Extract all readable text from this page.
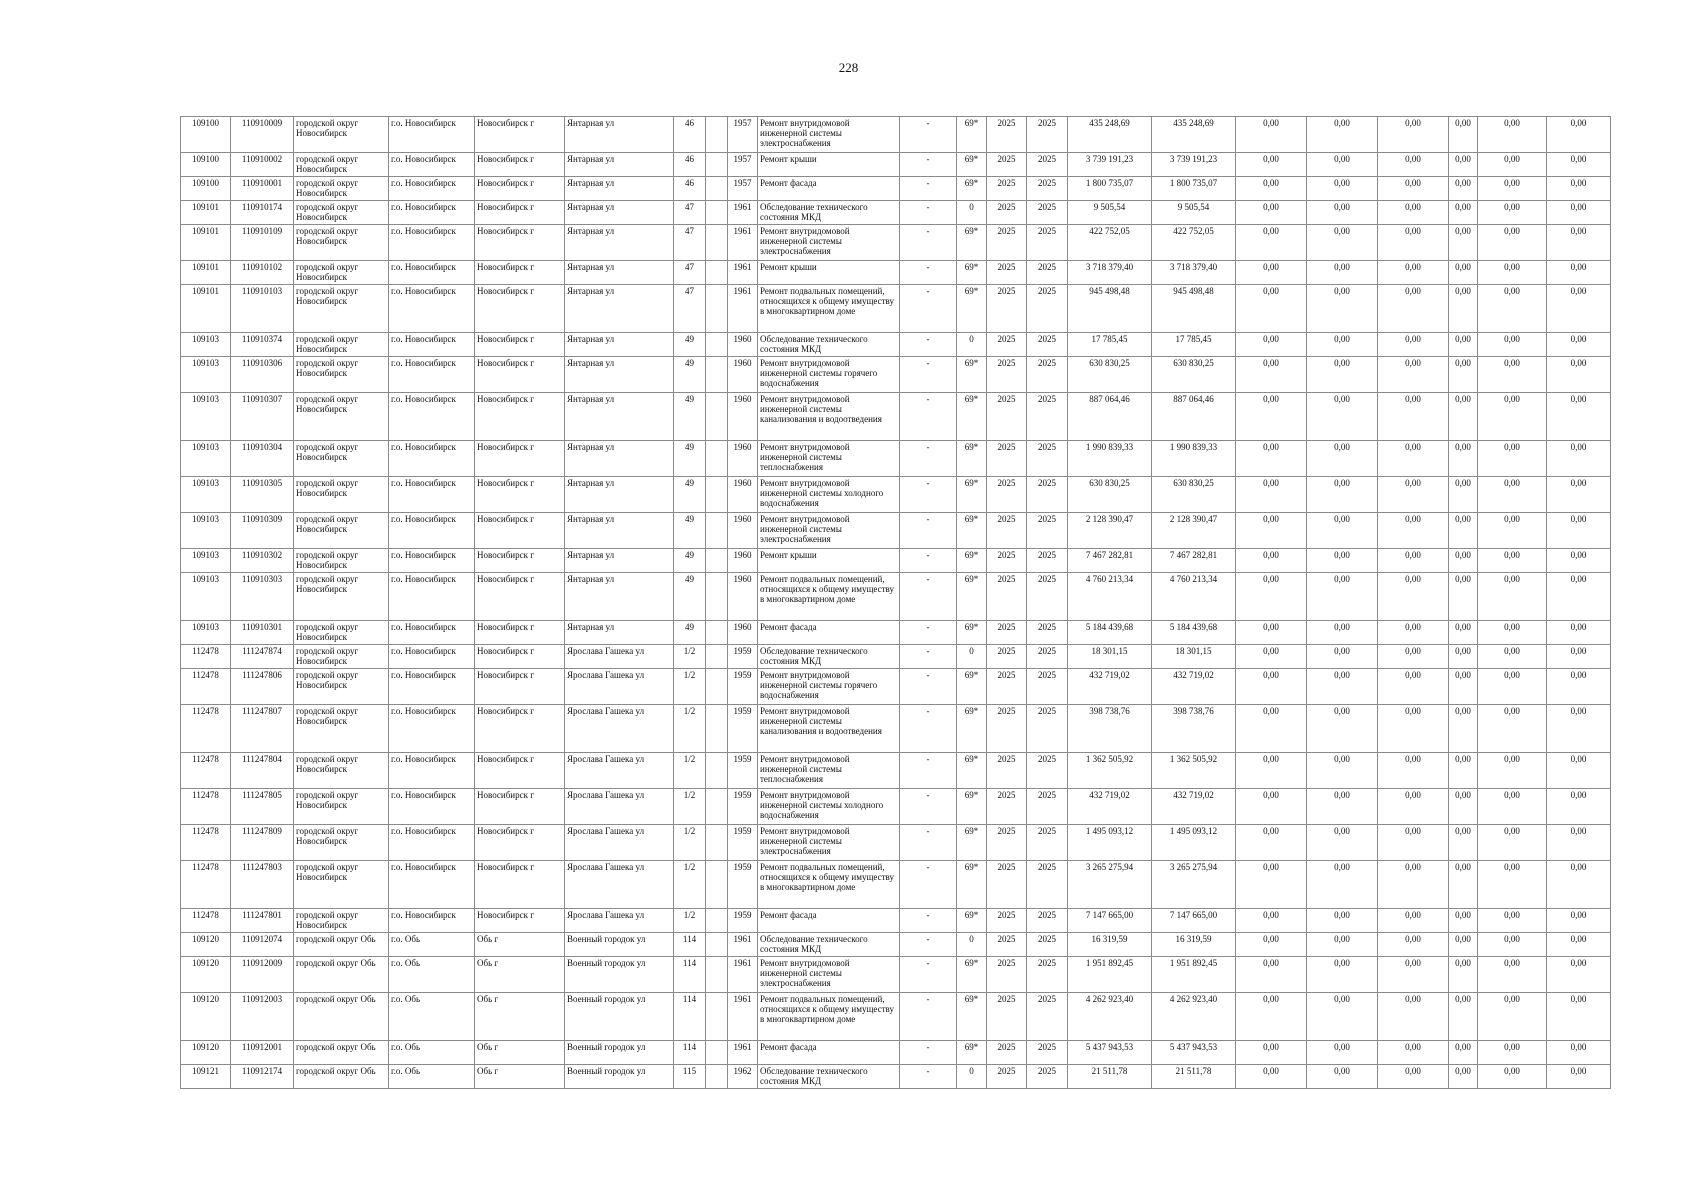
228
109100	110910009	городской округ Новосибирск	г.о. Новосибирск	Новосибирск г	Янтарная ул	46		1957	Ремонт внутридомовой инженерной системы электроснабжения	-	69*	2025	2025	435 248,69	435 248,69	0,00	0,00	0,00	0,00	0,00	0,00
109100	110910002	городской округ Новосибирск	г.о. Новосибирск	Новосибирск г	Янтарная ул	46		1957	Ремонт крыши	-	69*	2025	2025	3 739 191,23	3 739 191,23	0,00	0,00	0,00	0,00	0,00	0,00
109100	110910001	городской округ Новосибирск	г.о. Новосибирск	Новосибирск г	Янтарная ул	46		1957	Ремонт фасада	-	69*	2025	2025	1 800 735,07	1 800 735,07	0,00	0,00	0,00	0,00	0,00	0,00
109101	110910174	городской округ Новосибирск	г.о. Новосибирск	Новосибирск г	Янтарная ул	47		1961	Обследование технического состояния МКД	-	0	2025	2025	9 505,54	9 505,54	0,00	0,00	0,00	0,00	0,00	0,00
109101	110910109	городской округ Новосибирск	г.о. Новосибирск	Новосибирск г	Янтарная ул	47		1961	Ремонт внутридомовой инженерной системы электроснабжения	-	69*	2025	2025	422 752,05	422 752,05	0,00	0,00	0,00	0,00	0,00	0,00
109101	110910102	городской округ Новосибирск	г.о. Новосибирск	Новосибирск г	Янтарная ул	47		1961	Ремонт крыши	-	69*	2025	2025	3 718 379,40	3 718 379,40	0,00	0,00	0,00	0,00	0,00	0,00
109101	110910103	городской округ Новосибирск	г.о. Новосибирск	Новосибирск г	Янтарная ул	47		1961	Ремонт подвальных помещений, относящихся к общему имуществу в многоквартирном доме	-	69*	2025	2025	945 498,48	945 498,48	0,00	0,00	0,00	0,00	0,00	0,00
109103	110910374	городской округ Новосибирск	г.о. Новосибирск	Новосибирск г	Янтарная ул	49		1960	Обследование технического состояния МКД	-	0	2025	2025	17 785,45	17 785,45	0,00	0,00	0,00	0,00	0,00	0,00
109103	110910306	городской округ Новосибирск	г.о. Новосибирск	Новосибирск г	Янтарная ул	49		1960	Ремонт внутридомовой инженерной системы горячего водоснабжения	-	69*	2025	2025	630 830,25	630 830,25	0,00	0,00	0,00	0,00	0,00	0,00
109103	110910307	городской округ Новосибирск	г.о. Новосибирск	Новосибирск г	Янтарная ул	49		1960	Ремонт внутридомовой инженерной системы канализования и водоотведения	-	69*	2025	2025	887 064,46	887 064,46	0,00	0,00	0,00	0,00	0,00	0,00
109103	110910304	городской округ Новосибирск	г.о. Новосибирск	Новосибирск г	Янтарная ул	49		1960	Ремонт внутридомовой инженерной системы теплоснабжения	-	69*	2025	2025	1 990 839,33	1 990 839,33	0,00	0,00	0,00	0,00	0,00	0,00
109103	110910305	городской округ Новосибирск	г.о. Новосибирск	Новосибирск г	Янтарная ул	49		1960	Ремонт внутридомовой инженерной системы холодного водоснабжения	-	69*	2025	2025	630 830,25	630 830,25	0,00	0,00	0,00	0,00	0,00	0,00
109103	110910309	городской округ Новосибирск	г.о. Новосибирск	Новосибирск г	Янтарная ул	49		1960	Ремонт внутридомовой инженерной системы электроснабжения	-	69*	2025	2025	2 128 390,47	2 128 390,47	0,00	0,00	0,00	0,00	0,00	0,00
109103	110910302	городской округ Новосибирск	г.о. Новосибирск	Новосибирск г	Янтарная ул	49		1960	Ремонт крыши	-	69*	2025	2025	7 467 282,81	7 467 282,81	0,00	0,00	0,00	0,00	0,00	0,00
109103	110910303	городской округ Новосибирск	г.о. Новосибирск	Новосибирск г	Янтарная ул	49		1960	Ремонт подвальных помещений, относящихся к общему имуществу в многоквартирном доме	-	69*	2025	2025	4 760 213,34	4 760 213,34	0,00	0,00	0,00	0,00	0,00	0,00
109103	110910301	городской округ Новосибирск	г.о. Новосибирск	Новосибирск г	Янтарная ул	49		1960	Ремонт фасада	-	69*	2025	2025	5 184 439,68	5 184 439,68	0,00	0,00	0,00	0,00	0,00	0,00
112478	111247874	городской округ Новосибирск	г.о. Новосибирск	Новосибирск г	Ярослава Гашека ул	1/2		1959	Обследование технического состояния МКД	-	0	2025	2025	18 301,15	18 301,15	0,00	0,00	0,00	0,00	0,00	0,00
112478	111247806	городской округ Новосибирск	г.о. Новосибирск	Новосибирск г	Ярослава Гашека ул	1/2		1959	Ремонт внутридомовой инженерной системы горячего водоснабжения	-	69*	2025	2025	432 719,02	432 719,02	0,00	0,00	0,00	0,00	0,00	0,00
112478	111247807	городской округ Новосибирск	г.о. Новосибирск	Новосибирск г	Ярослава Гашека ул	1/2		1959	Ремонт внутридомовой инженерной системы канализования и водоотведения	-	69*	2025	2025	398 738,76	398 738,76	0,00	0,00	0,00	0,00	0,00	0,00
112478	111247804	городской округ Новосибирск	г.о. Новосибирск	Новосибирск г	Ярослава Гашека ул	1/2		1959	Ремонт внутридомовой инженерной системы теплоснабжения	-	69*	2025	2025	1 362 505,92	1 362 505,92	0,00	0,00	0,00	0,00	0,00	0,00
112478	111247805	городской округ Новосибирск	г.о. Новосибирск	Новосибирск г	Ярослава Гашека ул	1/2		1959	Ремонт внутридомовой инженерной системы холодного водоснабжения	-	69*	2025	2025	432 719,02	432 719,02	0,00	0,00	0,00	0,00	0,00	0,00
112478	111247809	городской округ Новосибирск	г.о. Новосибирск	Новосибирск г	Ярослава Гашека ул	1/2		1959	Ремонт внутридомовой инженерной системы электроснабжения	-	69*	2025	2025	1 495 093,12	1 495 093,12	0,00	0,00	0,00	0,00	0,00	0,00
112478	111247803	городской округ Новосибирск	г.о. Новосибирск	Новосибирск г	Ярослава Гашека ул	1/2		1959	Ремонт подвальных помещений, относящихся к общему имуществу в многоквартирном доме	-	69*	2025	2025	3 265 275,94	3 265 275,94	0,00	0,00	0,00	0,00	0,00	0,00
112478	111247801	городской округ Новосибирск	г.о. Новосибирск	Новосибирск г	Ярослава Гашека ул	1/2		1959	Ремонт фасада	-	69*	2025	2025	7 147 665,00	7 147 665,00	0,00	0,00	0,00	0,00	0,00	0,00
109120	110912074	городской округ Обь	г.о. Обь	Обь г	Военный городок ул	114		1961	Обследование технического состояния МКД	-	0	2025	2025	16 319,59	16 319,59	0,00	0,00	0,00	0,00	0,00	0,00
109120	110912009	городской округ Обь	г.о. Обь	Обь г	Военный городок ул	114		1961	Ремонт внутридомовой инженерной системы электроснабжения	-	69*	2025	2025	1 951 892,45	1 951 892,45	0,00	0,00	0,00	0,00	0,00	0,00
109120	110912003	городской округ Обь	г.о. Обь	Обь г	Военный городок ул	114		1961	Ремонт подвальных помещений, относящихся к общему имуществу в многоквартирном доме	-	69*	2025	2025	4 262 923,40	4 262 923,40	0,00	0,00	0,00	0,00	0,00	0,00
109120	110912001	городской округ Обь	г.о. Обь	Обь г	Военный городок ул	114		1961	Ремонт фасада	-	69*	2025	2025	5 437 943,53	5 437 943,53	0,00	0,00	0,00	0,00	0,00	0,00
109121	110912174	городской округ Обь	г.о. Обь	Обь г	Военный городок ул	115		1962	Обследование технического состояния МКД	-	0	2025	2025	21 511,78	21 511,78	0,00	0,00	0,00	0,00	0,00	0,00
